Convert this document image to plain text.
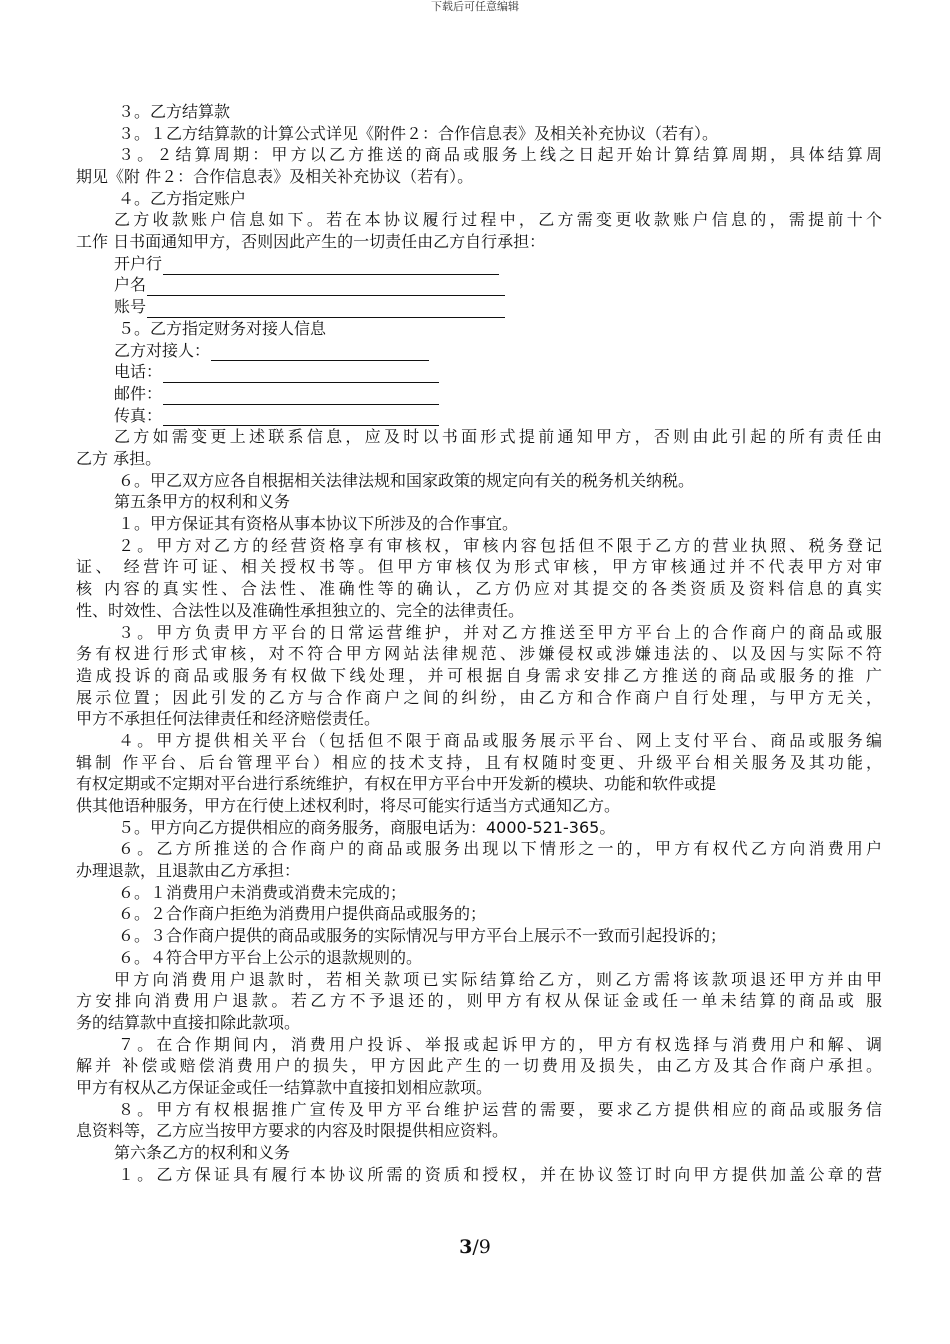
下载后可任意编辑
３。乙方结算款
３。１乙方结算款的计算公式详见《附件２：合作信息表》及相关补充协议（若有）。
３。２结算周期：甲方以乙方推送的商品或服务上线之日起开始计算结算周期，具体结算周
期见《附 件２：合作信息表》及相关补充协议（若有）。
４。乙方指定账户
乙方收款账户信息如下。若在本协议履行过程中，乙方需变更收款账户信息的，需提前十个
工作 日书面通知甲方，否则因此产生的一切责任由乙方自行承担：
开户行
户名
账号
５。乙方指定财务对接人信息
乙方对接人：
电话：
邮件：
传真：
乙方如需变更上述联系信息，应及时以书面形式提前通知甲方，否则由此引起的所有责任由
乙方 承担。
６。甲乙双方应各自根据相关法律法规和国家政策的规定向有关的税务机关纳税。
第五条甲方的权利和义务
１。甲方保证其有资格从事本协议下所涉及的合作事宜。
２。甲方对乙方的经营资格享有审核权，审核内容包括但不限于乙方的营业执照、税务登记
证、 经营许可证、相关授权书等。但甲方审核仅为形式审核，甲方审核通过并不代表甲方对审
核 内容的真实性、合法性、准确性等的确认，乙方仍应对其提交的各类资质及资料信息的真实
性、时效性、合法性以及准确性承担独立的、完全的法律责任。
３。甲方负责甲方平台的日常运营维护，并对乙方推送至甲方平台上的合作商户的商品或服
务有权进行形式审核，对不符合甲方网站法律规范、涉嫌侵权或涉嫌违法的、以及因与实际不符
造成投诉的商品或服务有权做下线处理，并可根据自身需求安排乙方推送的商品或服务的推 广
展示位置；因此引发的乙方与合作商户之间的纠纷，由乙方和合作商户自行处理，与甲方无关，
甲方不承担任何法律责任和经济赔偿责任。
４。甲方提供相关平台（包括但不限于商品或服务展示平台、网上支付平台、商品或服务编
辑制 作平台、后台管理平台）相应的技术支持，且有权随时变更、升级平台相关服务及其功能，
有权定期或不定期对平台进行系统维护，有权在甲方平台中开发新的模块、功能和软件或提
供其他语种服务，甲方在行使上述权利时，将尽可能实行适当方式通知乙方。
５。甲方向乙方提供相应的商务服务，商服电话为：4000-521-365。
６。乙方所推送的合作商户的商品或服务出现以下情形之一的，甲方有权代乙方向消费用户
办理退款，且退款由乙方承担：
６。１消费用户未消费或消费未完成的；
６。２合作商户拒绝为消费用户提供商品或服务的；
６。３合作商户提供的商品或服务的实际情况与甲方平台上展示不一致而引起投诉的；
６。４符合甲方平台上公示的退款规则的。
甲方向消费用户退款时，若相关款项已实际结算给乙方，则乙方需将该款项退还甲方并由甲
方安排向消费用户退款。若乙方不予退还的，则甲方有权从保证金或任一单未结算的商品或 服
务的结算款中直接扣除此款项。
７。在合作期间内，消费用户投诉、举报或起诉甲方的，甲方有权选择与消费用户和解、调
解并 补偿或赔偿消费用户的损失，甲方因此产生的一切费用及损失，由乙方及其合作商户承担。
甲方有权从乙方保证金或任一结算款中直接扣划相应款项。
８。甲方有权根据推广宣传及甲方平台维护运营的需要，要求乙方提供相应的商品或服务信
息资料等，乙方应当按甲方要求的内容及时限提供相应资料。
第六条乙方的权利和义务
１。乙方保证具有履行本协议所需的资质和授权，并在协议签订时向甲方提供加盖公章的营
3/9
